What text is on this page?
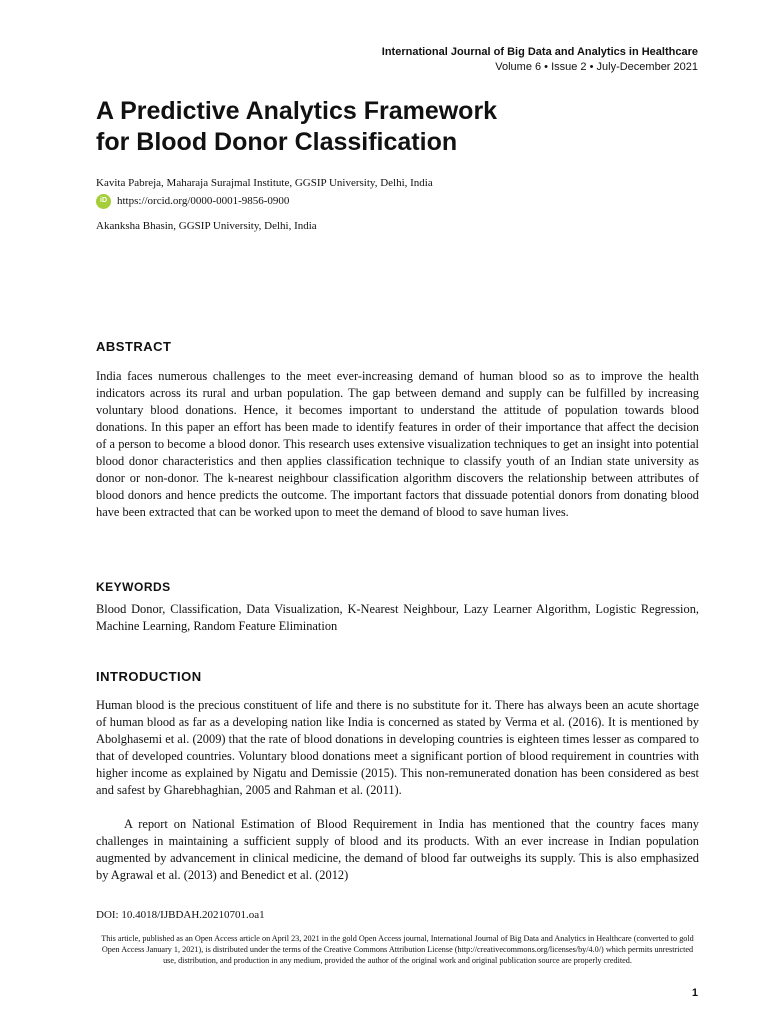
International Journal of Big Data and Analytics in Healthcare
Volume 6 • Issue 2 • July-December 2021
A Predictive Analytics Framework
for Blood Donor Classification

Kavita Pabreja, Maharaja Surajmal Institute, GGSIP University, Delhi, India

iD https://orcid.org/0000-0001-9856-0900

Akanksha Bhasin, GGSIP University, Delhi, India

ABSTRACT

India faces numerous challenges to the meet ever-increasing demand of human blood so as to improve the health indicators across its rural and urban population. The gap between demand and supply can be fulfilled by increasing voluntary blood donations. Hence, it becomes important to understand the attitude of population towards blood donations. In this paper an effort has been made to identify features in order of their importance that affect the decision of a person to become a blood donor. This research uses extensive visualization techniques to get an insight into potential blood donor characteristics and then applies classification technique to classify youth of an Indian state university as donor or non-donor. The k-nearest neighbour classification algorithm discovers the relationship between attributes of blood donors and hence predicts the outcome. The important factors that dissuade potential donors from donating blood have been extracted that can be worked upon to meet the demand of blood to save human lives.

KEYWORDS

Blood Donor, Classification, Data Visualization, K-Nearest Neighbour, Lazy Learner Algorithm, Logistic Regression, Machine Learning, Random Feature Elimination

INTRODUCTION

Human blood is the precious constituent of life and there is no substitute for it. There has always been an acute shortage of human blood as far as a developing nation like India is concerned as stated by Verma et al. (2016). It is mentioned by Abolghasemi et al. (2009) that the rate of blood donations in developing countries is eighteen times lesser as compared to that of developed countries. Voluntary blood donations meet a significant portion of blood requirement in countries with higher income as explained by Nigatu and Demissie (2015). This non-remunerated donation has been considered as best and safest by Gharebhaghian, 2005 and Rahman et al. (2011).

A report on National Estimation of Blood Requirement in India has mentioned that the country faces many challenges in maintaining a sufficient supply of blood and its products. With an ever increase in Indian population augmented by advancement in clinical medicine, the demand of blood far outweighs its supply. This is also emphasized by Agrawal et al. (2013) and Benedict et al. (2012)

DOI: 10.4018/IJBDAH.20210701.oa1

This article, published as an Open Access article on April 23, 2021 in the gold Open Access journal, International Journal of Big Data and Analytics in Healthcare (converted to gold Open Access January 1, 2021), is distributed under the terms of the Creative Commons Attribution License (http://creativecommons.org/licenses/by/4.0/) which permits unrestricted use, distribution, and production in any medium, provided the author of the original work and original publication source are properly credited.

1
